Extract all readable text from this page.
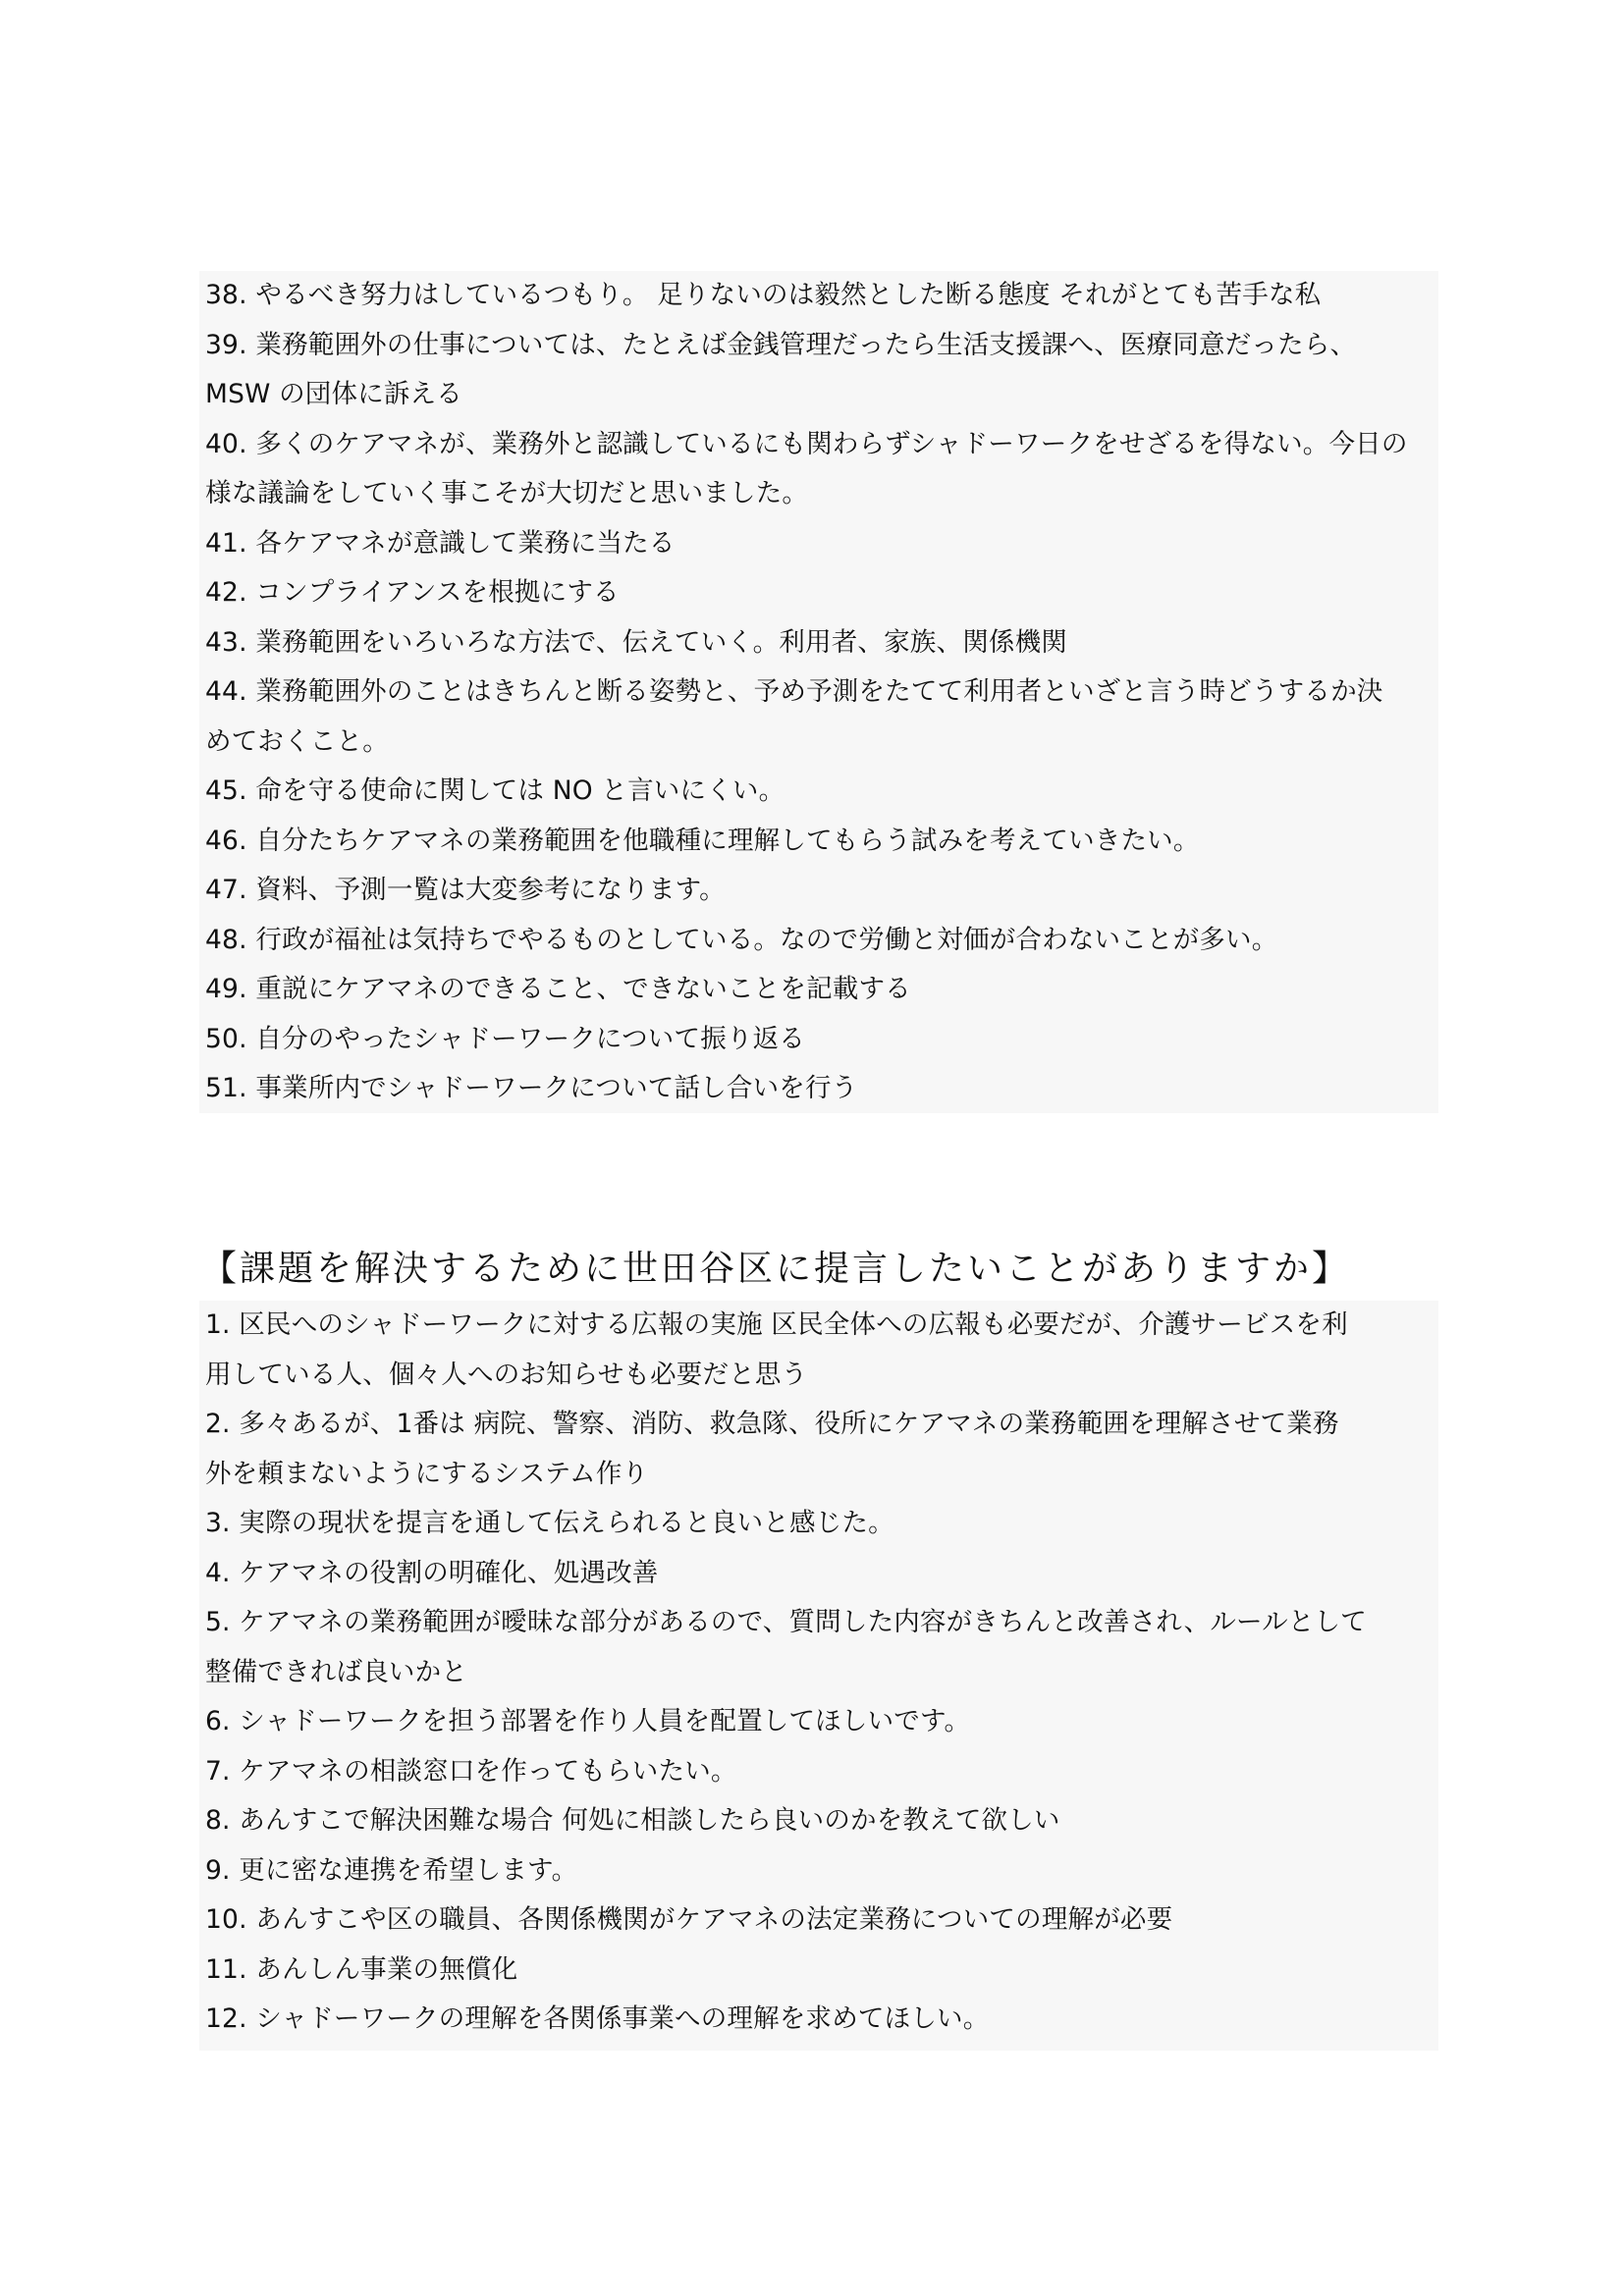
38. やるべき努力はしているつもり。 足りないのは毅然とした断る態度 それがとても苦手な私
39. 業務範囲外の仕事については、たとえば金銭管理だったら生活支援課へ、医療同意だったら、
MSW の団体に訴える
40. 多くのケアマネが、業務外と認識しているにも関わらずシャドーワークをせざるを得ない。今日の
様な議論をしていく事こそが大切だと思いました。
41. 各ケアマネが意識して業務に当たる
42. コンプライアンスを根拠にする
43. 業務範囲をいろいろな方法で、伝えていく。利用者、家族、関係機関
44. 業務範囲外のことはきちんと断る姿勢と、予め予測をたてて利用者といざと言う時どうするか決
めておくこと。
45. 命を守る使命に関しては NO と言いにくい。
46. 自分たちケアマネの業務範囲を他職種に理解してもらう試みを考えていきたい。
47. 資料、予測一覧は大変参考になります。
48. 行政が福祉は気持ちでやるものとしている。なので労働と対価が合わないことが多い。
49. 重説にケアマネのできること、できないことを記載する
50. 自分のやったシャドーワークについて振り返る
51. 事業所内でシャドーワークについて話し合いを行う
【課題を解決するために世田谷区に提言したいことがありますか】
1. 区民へのシャドーワークに対する広報の実施 区民全体への広報も必要だが、介護サービスを利
用している人、個々人へのお知らせも必要だと思う
2. 多々あるが、1番は 病院、警察、消防、救急隊、役所にケアマネの業務範囲を理解させて業務
外を頼まないようにするシステム作り
3. 実際の現状を提言を通して伝えられると良いと感じた。
4. ケアマネの役割の明確化、処遇改善
5. ケアマネの業務範囲が曖昧な部分があるので、質問した内容がきちんと改善され、ルールとして
整備できれば良いかと
6. シャドーワークを担う部署を作り人員を配置してほしいです。
7. ケアマネの相談窓口を作ってもらいたい。
8. あんすこで解決困難な場合 何処に相談したら良いのかを教えて欲しい
9. 更に密な連携を希望します。
10. あんすこや区の職員、各関係機関がケアマネの法定業務についての理解が必要
11. あんしん事業の無償化
12. シャドーワークの理解を各関係事業への理解を求めてほしい。
